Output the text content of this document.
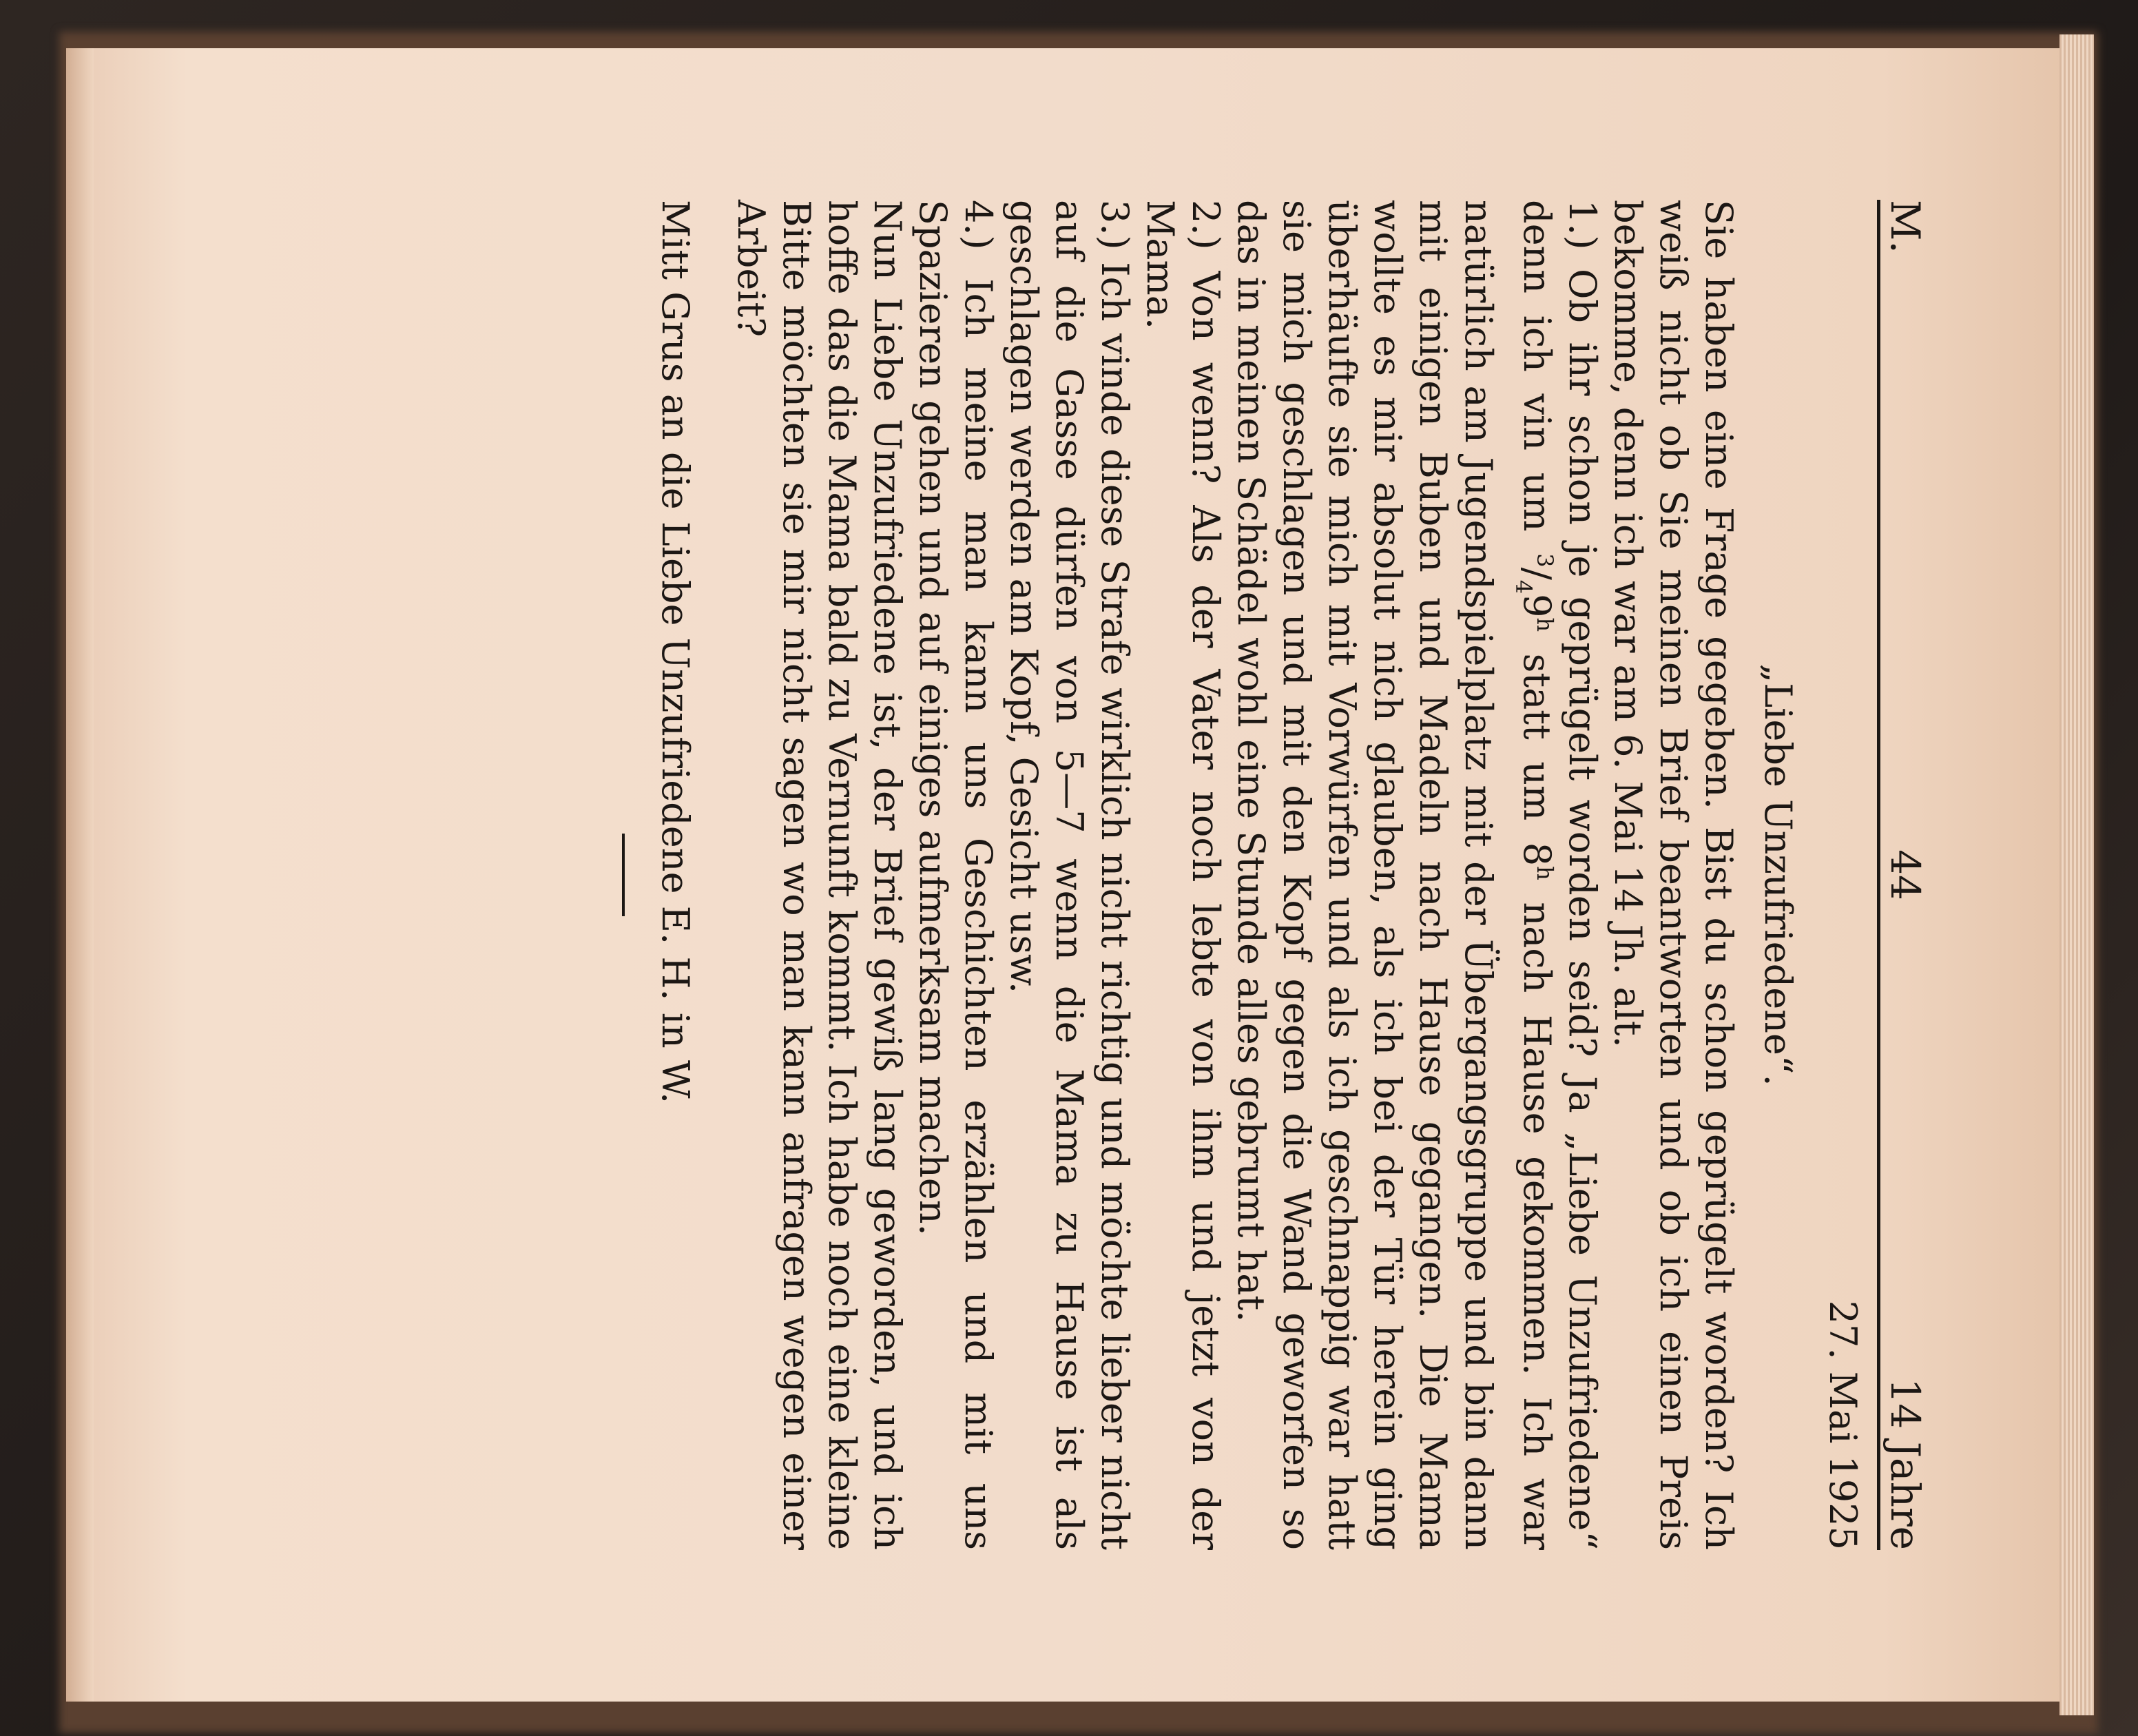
M.
44
14 Jahre

27. Mai 1925

„Liebe Unzufriedene“.

Sie haben eine Frage gegeben. Bist du schon geprügelt worden? Ich weiß nicht ob Sie meinen Brief beantworten und ob ich einen Preis bekomme, denn ich war am 6. Mai 14 Jh. alt.

1.) Ob ihr schon je geprügelt worden seid? Ja „Liebe Unzufriedene“ denn ich vin um $^3/_49^h$ statt um 8$^h$ nach Hause gekommen. Ich war natürlich am Jugendspielplatz mit der Übergangsgruppe und bin dann mit einigen Buben und Madeln nach Hause gegangen. Die Mama wollte es mir absolut nich glauben, als ich bei der Tür herein ging überhäufte sie mich mit Vorwürfen und als ich geschnappig war hatt sie mich geschlagen und mit den Kopf gegen die Wand geworfen so das in meinen Schädel wohl eine Stunde alles gebrumt hat.

2.) Von wenn? Als der Vater noch lebte von ihm und jetzt von der Mama.

3.) Ich vinde diese Strafe wirklich nicht richtig und möchte lieber nicht auf die Gasse dürfen von 5—7 wenn die Mama zu Hause ist als geschlagen werden am Kopf, Gesicht usw.

4.) Ich meine man kann uns Geschichten erzählen und mit uns Spazieren gehen und auf einiges aufmerksam machen.

Nun Liebe Unzufriedene ist, der Brief gewiß lang geworden, und ich hoffe das die Mama bald zu Vernunft kommt. Ich habe noch eine kleine Bitte möchten sie mir nicht sagen wo man kann anfragen wegen einer Arbeit?

Mitt Grus an die Liebe Unzufriedene E. H. in W.
